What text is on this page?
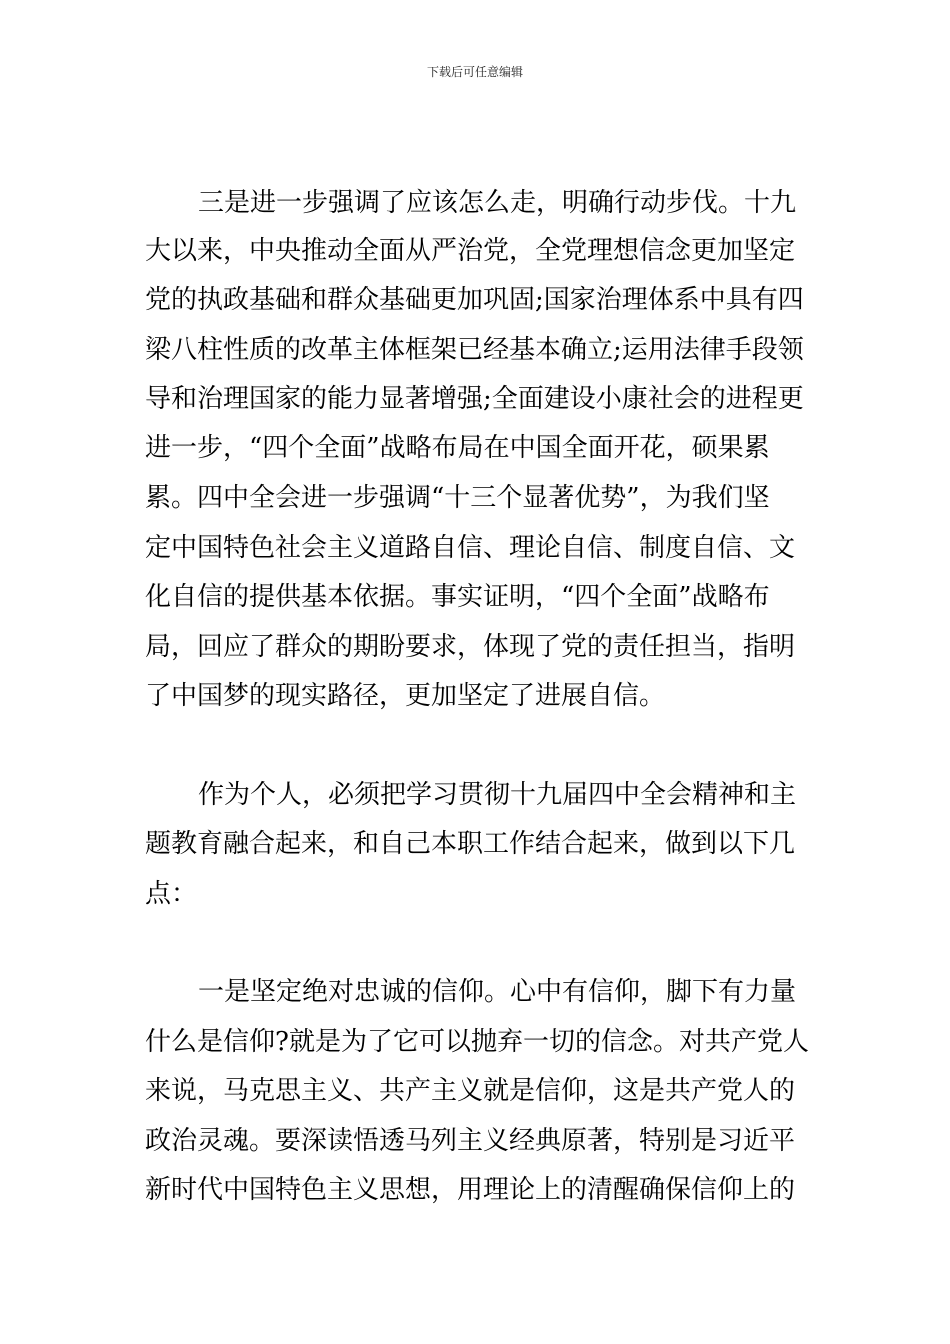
下载后可任意编辑
三是进一步强调了应该怎么走，明确行动步伐。十九
大以来，中央推动全面从严治党，全党理想信念更加坚定
党的执政基础和群众基础更加巩固;国家治理体系中具有四
梁八柱性质的改革主体框架已经基本确立;运用法律手段领
导和治理国家的能力显著增强;全面建设小康社会的进程更
进一步，“四个全面”战略布局在中国全面开花，硕果累
累。四中全会进一步强调“十三个显著优势”，为我们坚
定中国特色社会主义道路自信、理论自信、制度自信、文
化自信的提供基本依据。事实证明，“四个全面”战略布
局，回应了群众的期盼要求，体现了党的责任担当，指明
了中国梦的现实路径，更加坚定了进展自信。
作为个人，必须把学习贯彻十九届四中全会精神和主
题教育融合起来，和自己本职工作结合起来，做到以下几
点：
一是坚定绝对忠诚的信仰。心中有信仰，脚下有力量
什么是信仰?就是为了它可以抛弃一切的信念。对共产党人
来说，马克思主义、共产主义就是信仰，这是共产党人的
政治灵魂。要深读悟透马列主义经典原著，特别是习近平
新时代中国特色主义思想，用理论上的清醒确保信仰上的
